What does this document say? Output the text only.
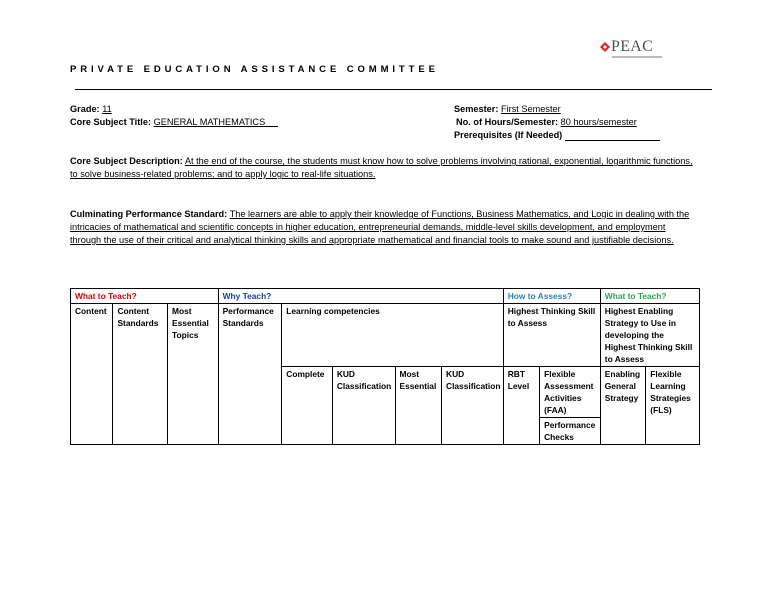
PEAC
PRIVATE EDUCATION ASSISTANCE COMMITTEE
Grade: 11
Core Subject Title: GENERAL MATHEMATICS
Semester: First Semester
No. of Hours/Semester: 80 hours/semester
Prerequisites (If Needed)
Core Subject Description: At the end of the course, the students must know how to solve problems involving rational, exponential, logarithmic functions, to solve business-related problems; and to apply logic to real-life situations.
Culminating Performance Standard: The learners are able to apply their knowledge of Functions, Business Mathematics, and Logic in dealing with the intricacies of mathematical and scientific concepts in higher education, entrepreneurial demands, middle-level skills development, and employment through the use of their critical and analytical thinking skills and appropriate mathematical and financial tools to make sound and justifiable decisions.
What to Teach?			Why Teach?					How to Assess?		What to Teach?	
Content	Content Standards	Most Essential Topics	Performance Standards	Learning competencies				Highest Thinking Skill to Assess		Highest Enabling Strategy to Use in developing the Highest Thinking Skill to Assess	
				Complete	KUD Classification	Most Essential	KUD Classification	RBT Level	Flexible Assessment Activities (FAA)	Enabling General Strategy	Flexible Learning Strategies (FLS)
									Performance Checks		
